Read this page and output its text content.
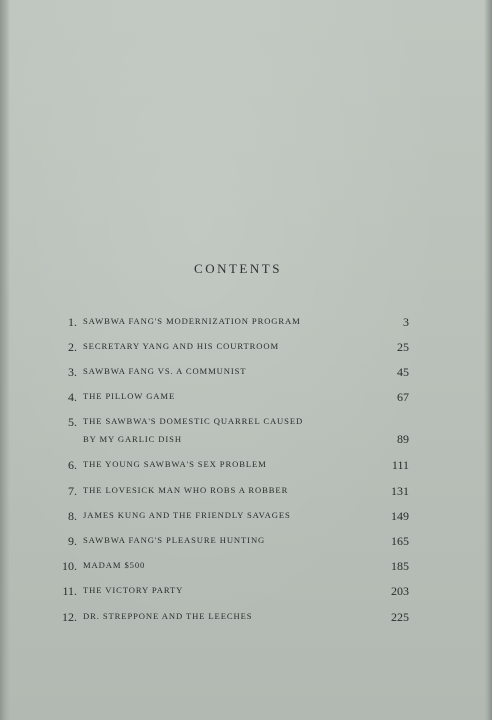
CONTENTS
1. SAWBWA FANG'S MODERNIZATION PROGRAM	3
2. SECRETARY YANG AND HIS COURTROOM	25
3. SAWBWA FANG VS. A COMMUNIST	45
4. THE PILLOW GAME	67
5. THE SAWBWA'S DOMESTIC QUARREL CAUSED
BY MY GARLIC DISH	89
6. THE YOUNG SAWBWA'S SEX PROBLEM	111
7. THE LOVESICK MAN WHO ROBS A ROBBER	131
8. JAMES KUNG AND THE FRIENDLY SAVAGES	149
9. SAWBWA FANG'S PLEASURE HUNTING	165
10. MADAM $500	185
11. THE VICTORY PARTY	203
12. DR. STREPPONE AND THE LEECHES	225
